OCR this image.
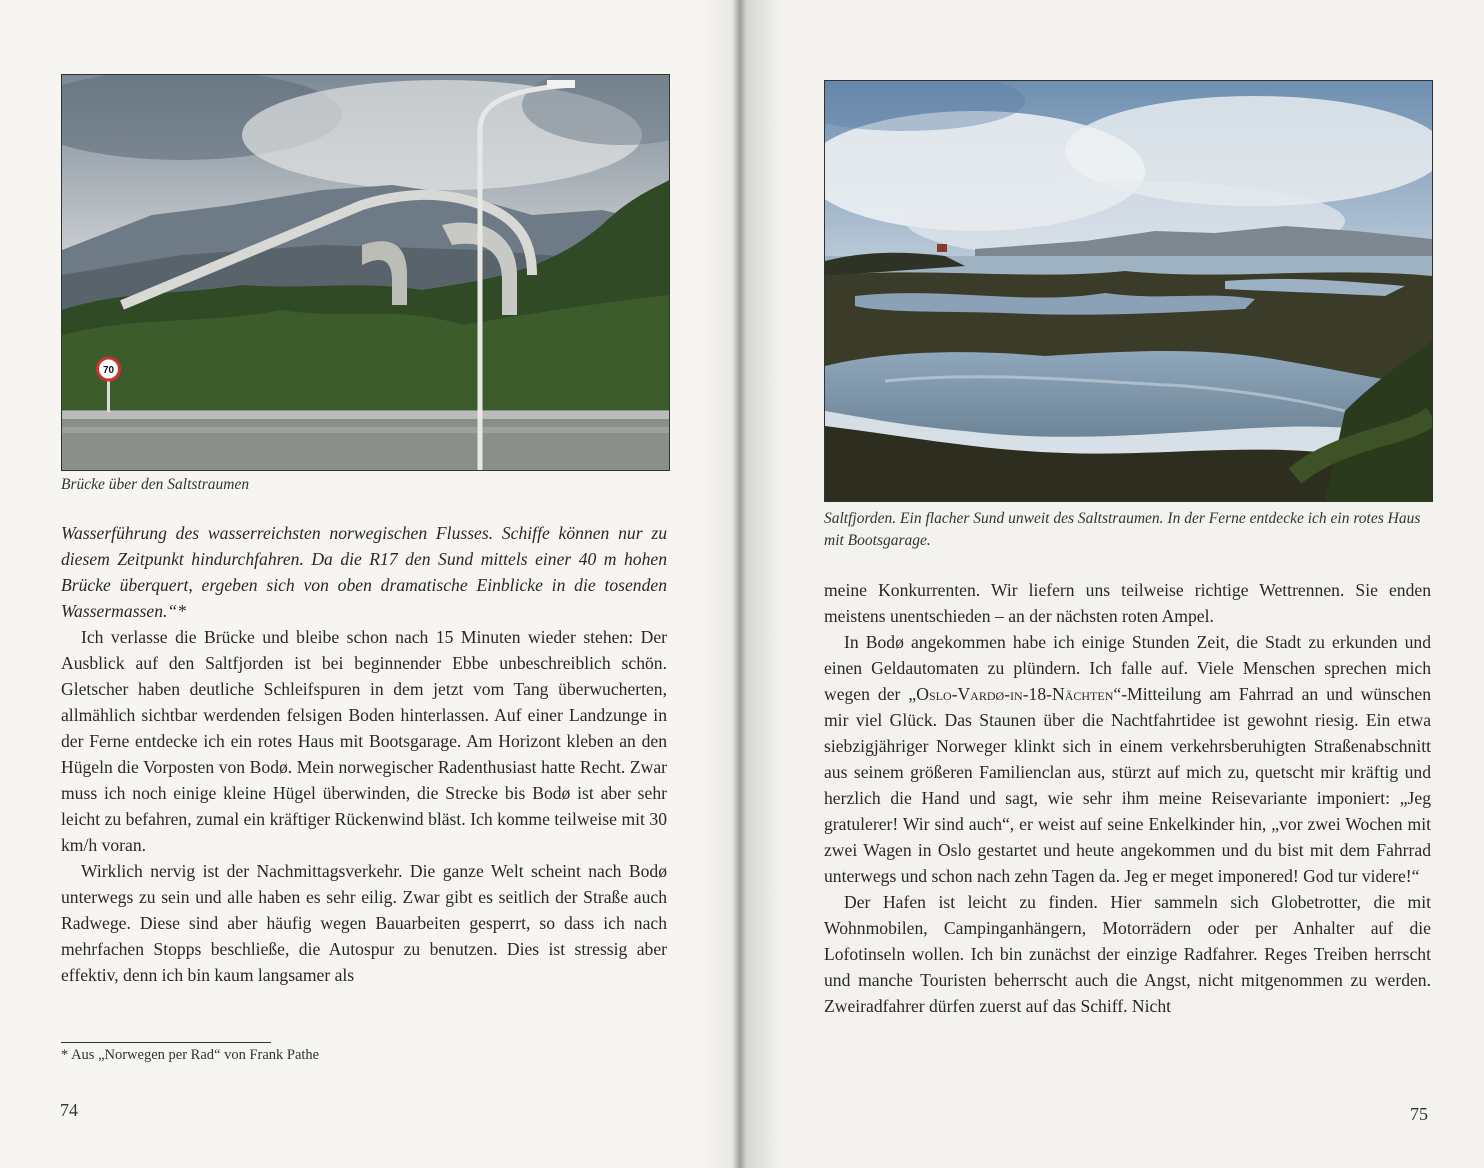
70
Brücke über den Saltstraumen

Wasserführung des wasserreichsten norwegischen Flusses. Schiffe können nur zu diesem Zeitpunkt hindurchfahren. Da die R17 den Sund mittels einer 40 m hohen Brücke überquert, ergeben sich von oben dramatische Einblicke in die tosenden Wassermassen.“*

Ich verlasse die Brücke und bleibe schon nach 15 Minuten wieder stehen: Der Ausblick auf den Saltfjorden ist bei beginnender Ebbe unbeschreiblich schön. Gletscher haben deutliche Schleifspuren in dem jetzt vom Tang überwucherten, allmählich sichtbar werdenden felsigen Boden hinterlassen. Auf einer Landzunge in der Ferne entdecke ich ein rotes Haus mit Bootsgarage. Am Horizont kleben an den Hügeln die Vorposten von Bodø. Mein norwegischer Radenthusiast hatte Recht. Zwar muss ich noch einige kleine Hügel überwinden, die Strecke bis Bodø ist aber sehr leicht zu befahren, zumal ein kräftiger Rückenwind bläst. Ich komme teilweise mit 30 km/h voran.

Wirklich nervig ist der Nachmittagsverkehr. Die ganze Welt scheint nach Bodø unterwegs zu sein und alle haben es sehr eilig. Zwar gibt es seitlich der Straße auch Radwege. Diese sind aber häufig wegen Bauarbeiten gesperrt, so dass ich nach mehrfachen Stopps beschließe, die Autospur zu benutzen. Dies ist stressig aber effektiv, denn ich bin kaum langsamer als

* Aus „Norwegen per Rad“ von Frank Pathe
74
Saltfjorden. Ein flacher Sund unweit des Saltstraumen. In der Ferne entdecke ich ein rotes Haus mit Bootsgarage.

meine Konkurrenten. Wir liefern uns teilweise richtige Wettrennen. Sie enden meistens unentschieden – an der nächsten roten Ampel.

In Bodø angekommen habe ich einige Stunden Zeit, die Stadt zu erkunden und einen Geldautomaten zu plündern. Ich falle auf. Viele Menschen sprechen mich wegen der „Oslo-Vardø-in-18-Nächten“-Mitteilung am Fahrrad an und wünschen mir viel Glück. Das Staunen über die Nachtfahrtidee ist gewohnt riesig. Ein etwa siebzigjähriger Norweger klinkt sich in einem verkehrsberuhigten Straßenabschnitt aus seinem größeren Familienclan aus, stürzt auf mich zu, quetscht mir kräftig und herzlich die Hand und sagt, wie sehr ihm meine Reisevariante imponiert: „Jeg gratulerer! Wir sind auch“, er weist auf seine Enkelkinder hin, „vor zwei Wochen mit zwei Wagen in Oslo gestartet und heute angekommen und du bist mit dem Fahrrad unterwegs und schon nach zehn Tagen da. Jeg er meget imponered! God tur videre!“

Der Hafen ist leicht zu finden. Hier sammeln sich Globetrotter, die mit Wohnmobilen, Campinganhängern, Motorrädern oder per Anhalter auf die Lofotinseln wollen. Ich bin zunächst der einzige Radfahrer. Reges Treiben herrscht und manche Touristen beherrscht auch die Angst, nicht mitgenommen zu werden. Zweiradfahrer dürfen zuerst auf das Schiff. Nicht

75
